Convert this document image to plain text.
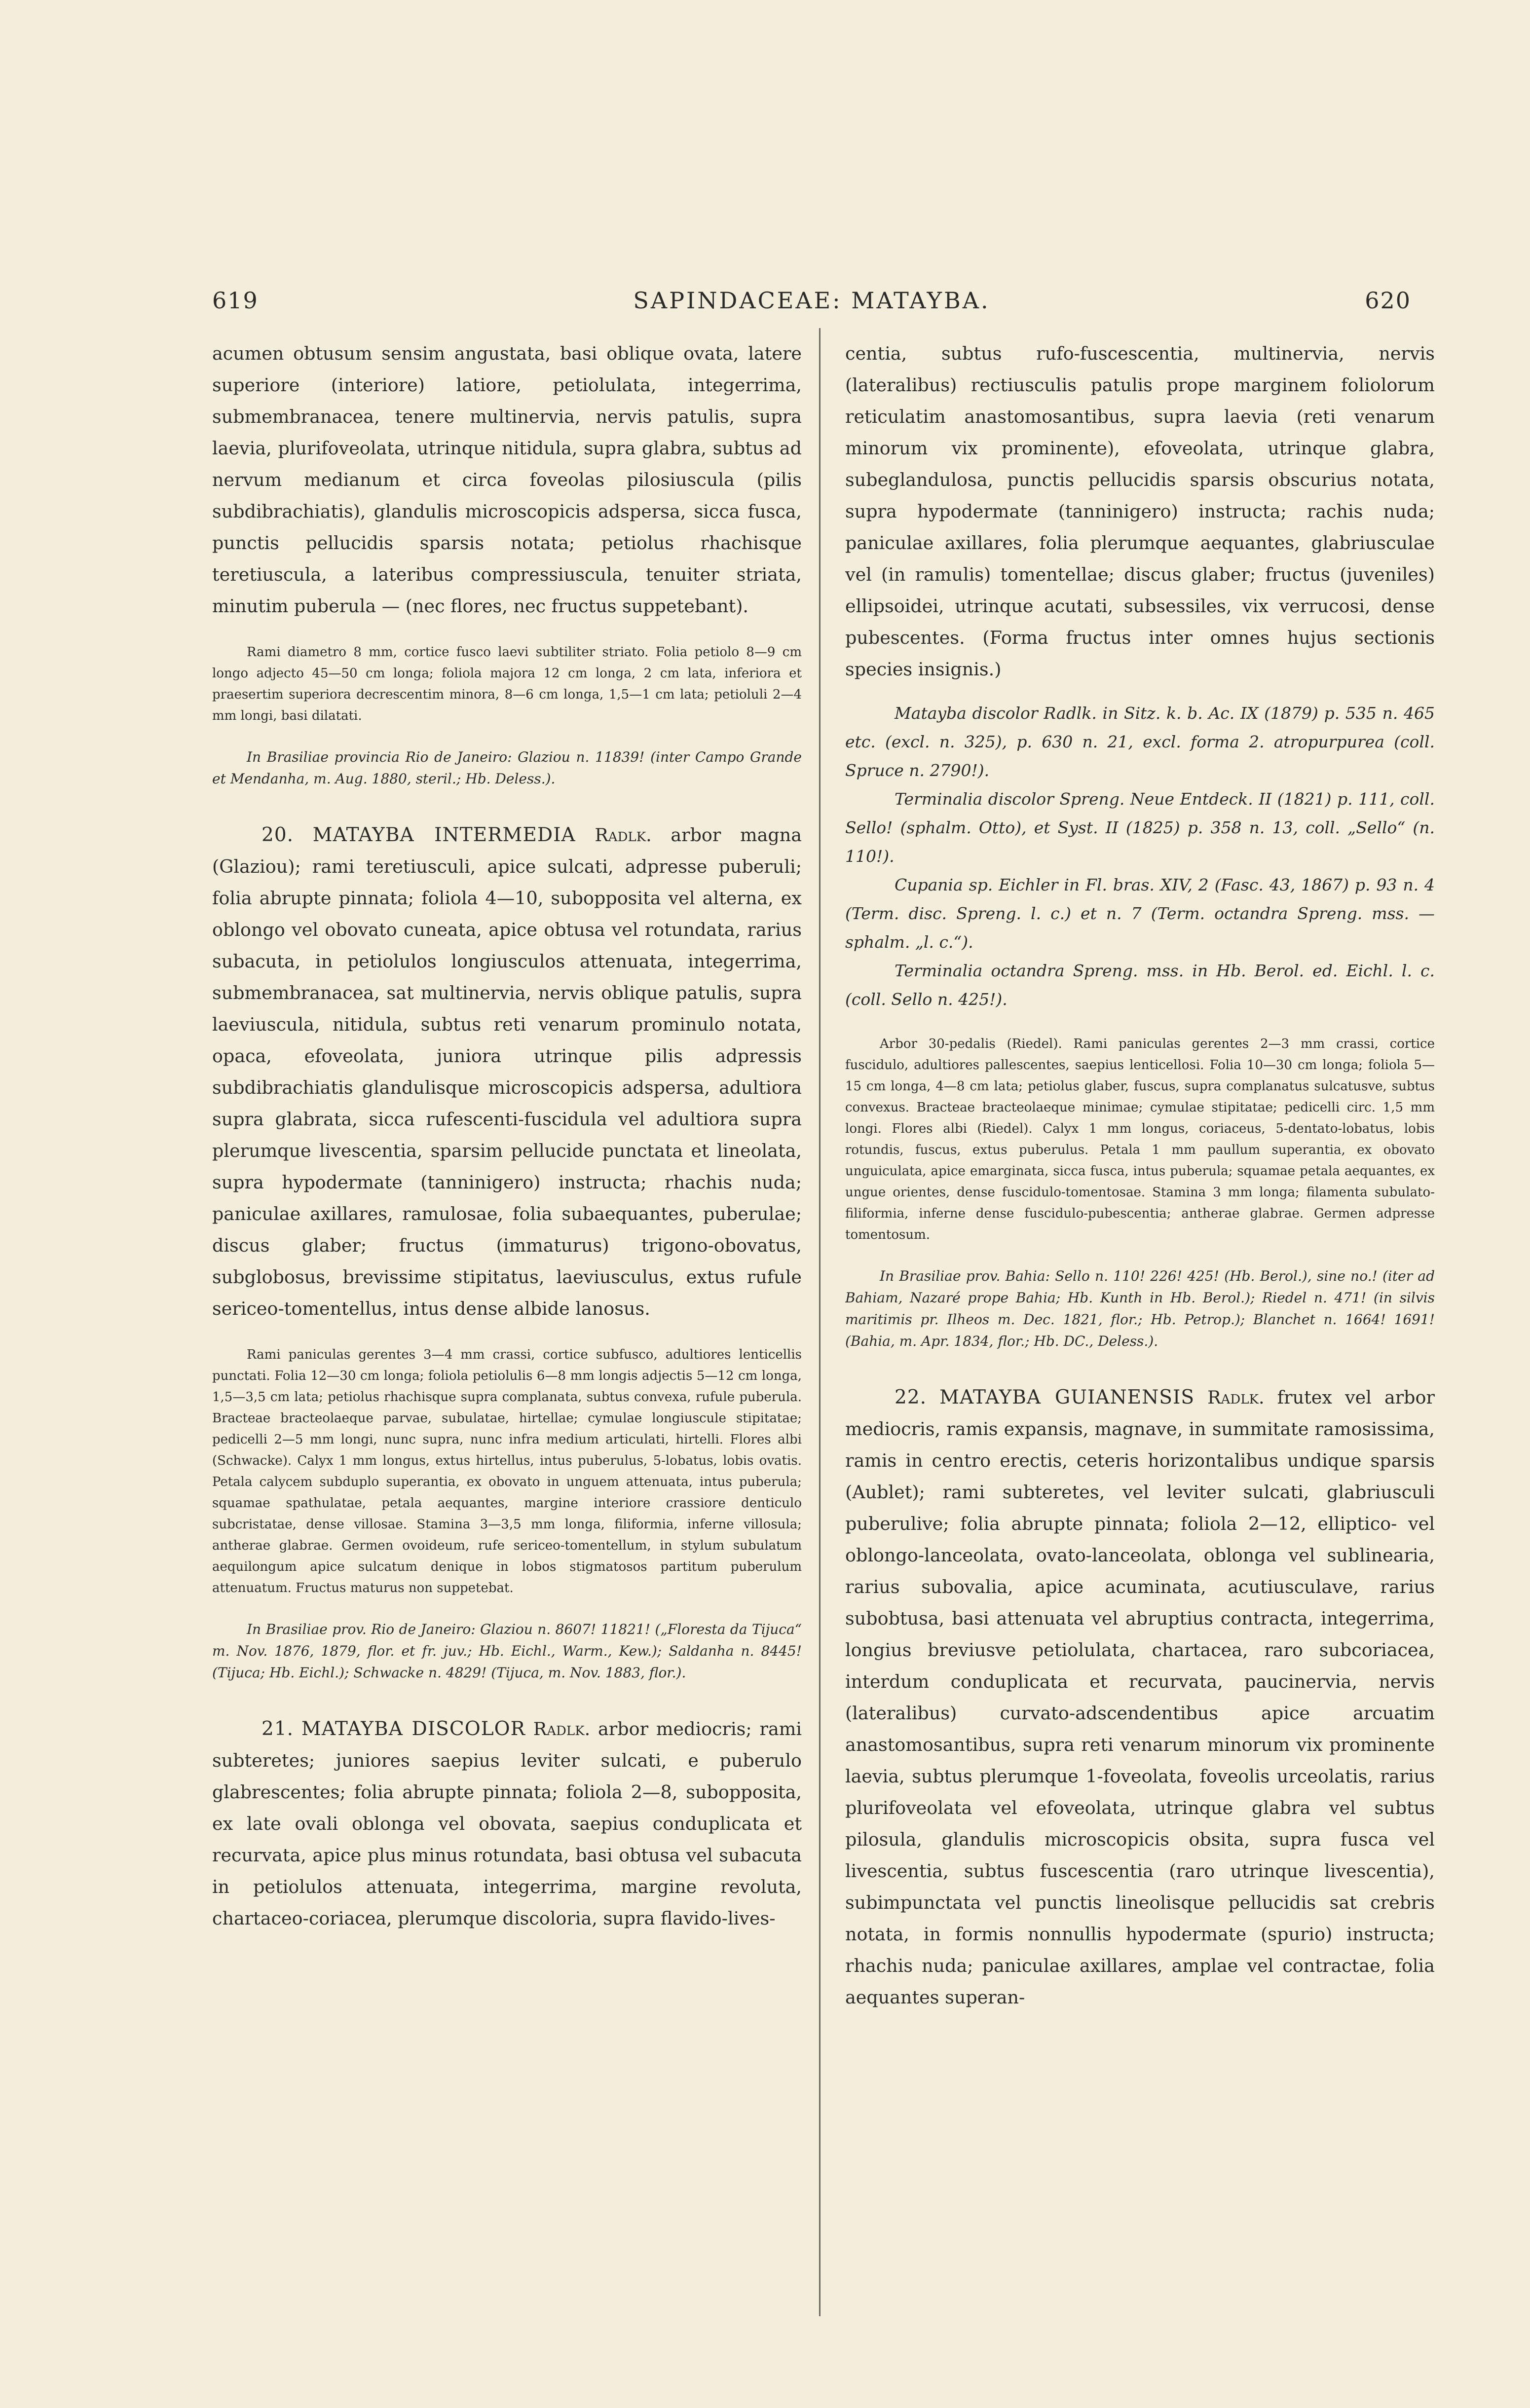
619	SAPINDACEAE: MATAYBA.	620

acumen obtusum sensim angustata, basi oblique ovata, latere superiore (interiore) latiore, petiolulata, integerrima, submembranacea, tenere multinervia, nervis patulis, supra laevia, plurifoveolata, utrinque nitidula, supra glabra, subtus ad nervum medianum et circa foveolas pilosiuscula (pilis subdibrachiatis), glandulis microscopicis adspersa, sicca fusca, punctis pellucidis sparsis notata; petiolus rhachisque teretiuscula, a lateribus compressiuscula, tenuiter striata, minutim puberula — (nec flores, nec fructus suppetebant).

Rami diametro 8 mm, cortice fusco laevi subtiliter striato. Folia petiolo 8—9 cm longo adjecto 45—50 cm longa; foliola majora 12 cm longa, 2 cm lata, inferiora et praesertim superiora decrescentim minora, 8—6 cm longa, 1,5—1 cm lata; petioluli 2—4 mm longi, basi dilatati.

In Brasiliae provincia Rio de Janeiro: Glaziou n. 11839! (inter Campo Grande et Mendanha, m. Aug. 1880, steril.; Hb. Deless.).

20. MATAYBA INTERMEDIA Radlk. arbor magna (Glaziou); rami teretiusculi, apice sulcati, adpresse puberuli; folia abrupte pinnata; foliola 4—10, subopposita vel alterna, ex oblongo vel obovato cuneata, apice obtusa vel rotundata, rarius subacuta, in petiolulos longiusculos attenuata, integerrima, submembranacea, sat multinervia, nervis oblique patulis, supra laeviuscula, nitidula, subtus reti venarum prominulo notata, opaca, efoveolata, juniora utrinque pilis adpressis subdibrachiatis glandulisque microscopicis adspersa, adultiora supra glabrata, sicca rufescenti-fuscidula vel adultiora supra plerumque livescentia, sparsim pellucide punctata et lineolata, supra hypodermate (tanninigero) instructa; rhachis nuda; paniculae axillares, ramulosae, folia subaequantes, puberulae; discus glaber; fructus (immaturus) trigono-obovatus, subglobosus, brevissime stipitatus, laeviusculus, extus rufule sericeo-tomentellus, intus dense albide lanosus.

Rami paniculas gerentes 3—4 mm crassi, cortice subfusco, adultiores lenticellis punctati. Folia 12—30 cm longa; foliola petiolulis 6—8 mm longis adjectis 5—12 cm longa, 1,5—3,5 cm lata; petiolus rhachisque supra complanata, subtus convexa, rufule puberula. Bracteae bracteolaeque parvae, subulatae, hirtellae; cymulae longiuscule stipitatae; pedicelli 2—5 mm longi, nunc supra, nunc infra medium articulati, hirtelli. Flores albi (Schwacke). Calyx 1 mm longus, extus hirtellus, intus puberulus, 5-lobatus, lobis ovatis. Petala calycem subduplo superantia, ex obovato in unguem attenuata, intus puberula; squamae spathulatae, petala aequantes, margine interiore crassiore denticulo subcristatae, dense villosae. Stamina 3—3,5 mm longa, filiformia, inferne villosula; antherae glabrae. Germen ovoideum, rufe sericeo-tomentellum, in stylum subulatum aequilongum apice sulcatum denique in lobos stigmatosos partitum puberulum attenuatum. Fructus maturus non suppetebat.

In Brasiliae prov. Rio de Janeiro: Glaziou n. 8607! 11821! („Floresta da Tijuca“ m. Nov. 1876, 1879, flor. et fr. juv.; Hb. Eichl., Warm., Kew.); Saldanha n. 8445! (Tijuca; Hb. Eichl.); Schwacke n. 4829! (Tijuca, m. Nov. 1883, flor.).

21. MATAYBA DISCOLOR Radlk. arbor mediocris; rami subteretes; juniores saepius leviter sulcati, e puberulo glabrescentes; folia abrupte pinnata; foliola 2—8, subopposita, ex late ovali oblonga vel obovata, saepius conduplicata et recurvata, apice plus minus rotundata, basi obtusa vel subacuta in petiolulos attenuata, integerrima, margine revoluta, chartaceo-coriacea, plerumque discoloria, supra flavido-lives-

centia, subtus rufo-fuscescentia, multinervia, nervis (lateralibus) rectiusculis patulis prope marginem foliolorum reticulatim anastomosantibus, supra laevia (reti venarum minorum vix prominente), efoveolata, utrinque glabra, subeglandulosa, punctis pellucidis sparsis obscurius notata, supra hypodermate (tanninigero) instructa; rachis nuda; paniculae axillares, folia plerumque aequantes, glabriusculae vel (in ramulis) tomentellae; discus glaber; fructus (juveniles) ellipsoidei, utrinque acutati, subsessiles, vix verrucosi, dense pubescentes. (Forma fructus inter omnes hujus sectionis species insignis.)

Matayba discolor Radlk. in Sitz. k. b. Ac. IX (1879) p. 535 n. 465 etc. (excl. n. 325), p. 630 n. 21, excl. forma 2. atropurpurea (coll. Spruce n. 2790!).

Terminalia discolor Spreng. Neue Entdeck. II (1821) p. 111, coll. Sello! (sphalm. Otto), et Syst. II (1825) p. 358 n. 13, coll. „Sello“ (n. 110!).

Cupania sp. Eichler in Fl. bras. XIV, 2 (Fasc. 43, 1867) p. 93 n. 4 (Term. disc. Spreng. l. c.) et n. 7 (Term. octandra Spreng. mss. — sphalm. „l. c.“).

Terminalia octandra Spreng. mss. in Hb. Berol. ed. Eichl. l. c. (coll. Sello n. 425!).

Arbor 30-pedalis (Riedel). Rami paniculas gerentes 2—3 mm crassi, cortice fuscidulo, adultiores pallescentes, saepius lenticellosi. Folia 10—30 cm longa; foliola 5—15 cm longa, 4—8 cm lata; petiolus glaber, fuscus, supra complanatus sulcatusve, subtus convexus. Bracteae bracteolaeque minimae; cymulae stipitatae; pedicelli circ. 1,5 mm longi. Flores albi (Riedel). Calyx 1 mm longus, coriaceus, 5-dentato-lobatus, lobis rotundis, fuscus, extus puberulus. Petala 1 mm paullum superantia, ex obovato unguiculata, apice emarginata, sicca fusca, intus puberula; squamae petala aequantes, ex ungue orientes, dense fuscidulo-tomentosae. Stamina 3 mm longa; filamenta subulato-filiformia, inferne dense fuscidulo-pubescentia; antherae glabrae. Germen adpresse tomentosum.

In Brasiliae prov. Bahia: Sello n. 110! 226! 425! (Hb. Berol.), sine no.! (iter ad Bahiam, Nazaré prope Bahia; Hb. Kunth in Hb. Berol.); Riedel n. 471! (in silvis maritimis pr. Ilheos m. Dec. 1821, flor.; Hb. Petrop.); Blanchet n. 1664! 1691! (Bahia, m. Apr. 1834, flor.; Hb. DC., Deless.).

22. MATAYBA GUIANENSIS Radlk. frutex vel arbor mediocris, ramis expansis, magnave, in summitate ramosissima, ramis in centro erectis, ceteris horizontalibus undique sparsis (Aublet); rami subteretes, vel leviter sulcati, glabriusculi puberulive; folia abrupte pinnata; foliola 2—12, elliptico- vel oblongo-lanceolata, ovato-lanceolata, oblonga vel sublinearia, rarius subovalia, apice acuminata, acutiusculave, rarius subobtusa, basi attenuata vel abruptius contracta, integerrima, longius breviusve petiolulata, chartacea, raro subcoriacea, interdum conduplicata et recurvata, paucinervia, nervis (lateralibus) curvato-adscendentibus apice arcuatim anastomosantibus, supra reti venarum minorum vix prominente laevia, subtus plerumque 1-foveolata, foveolis urceolatis, rarius plurifoveolata vel efoveolata, utrinque glabra vel subtus pilosula, glandulis microscopicis obsita, supra fusca vel livescentia, subtus fuscescentia (raro utrinque livescentia), subimpunctata vel punctis lineolisque pellucidis sat crebris notata, in formis nonnullis hypodermate (spurio) instructa; rhachis nuda; paniculae axillares, amplae vel contractae, folia aequantes superan-
